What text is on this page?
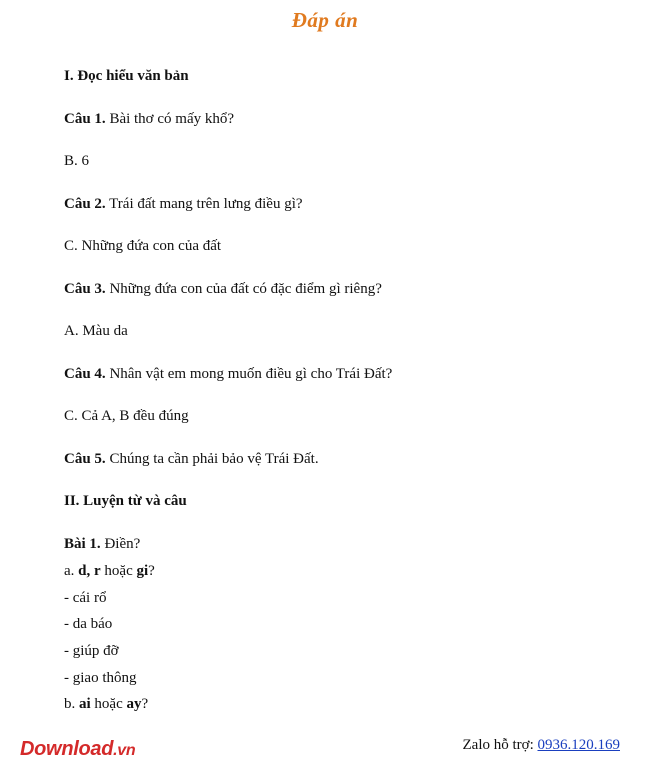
Đáp án
I. Đọc hiểu văn bản
Câu 1. Bài thơ có mấy khổ?
B. 6
Câu 2. Trái đất mang trên lưng điều gì?
C. Những đứa con của đất
Câu 3. Những đứa con của đất có đặc điểm gì riêng?
A. Màu da
Câu 4. Nhân vật em mong muốn điều gì cho Trái Đất?
C. Cả A, B đều đúng
Câu 5. Chúng ta cần phải bảo vệ Trái Đất.
II. Luyện từ và câu
Bài 1. Điền?
a. d, r hoặc gi?
- cái rổ
- da báo
- giúp đỡ
- giao thông
b. ai hoặc ay?
Download.vn	Zalo hỗ trợ: 0936.120.169
